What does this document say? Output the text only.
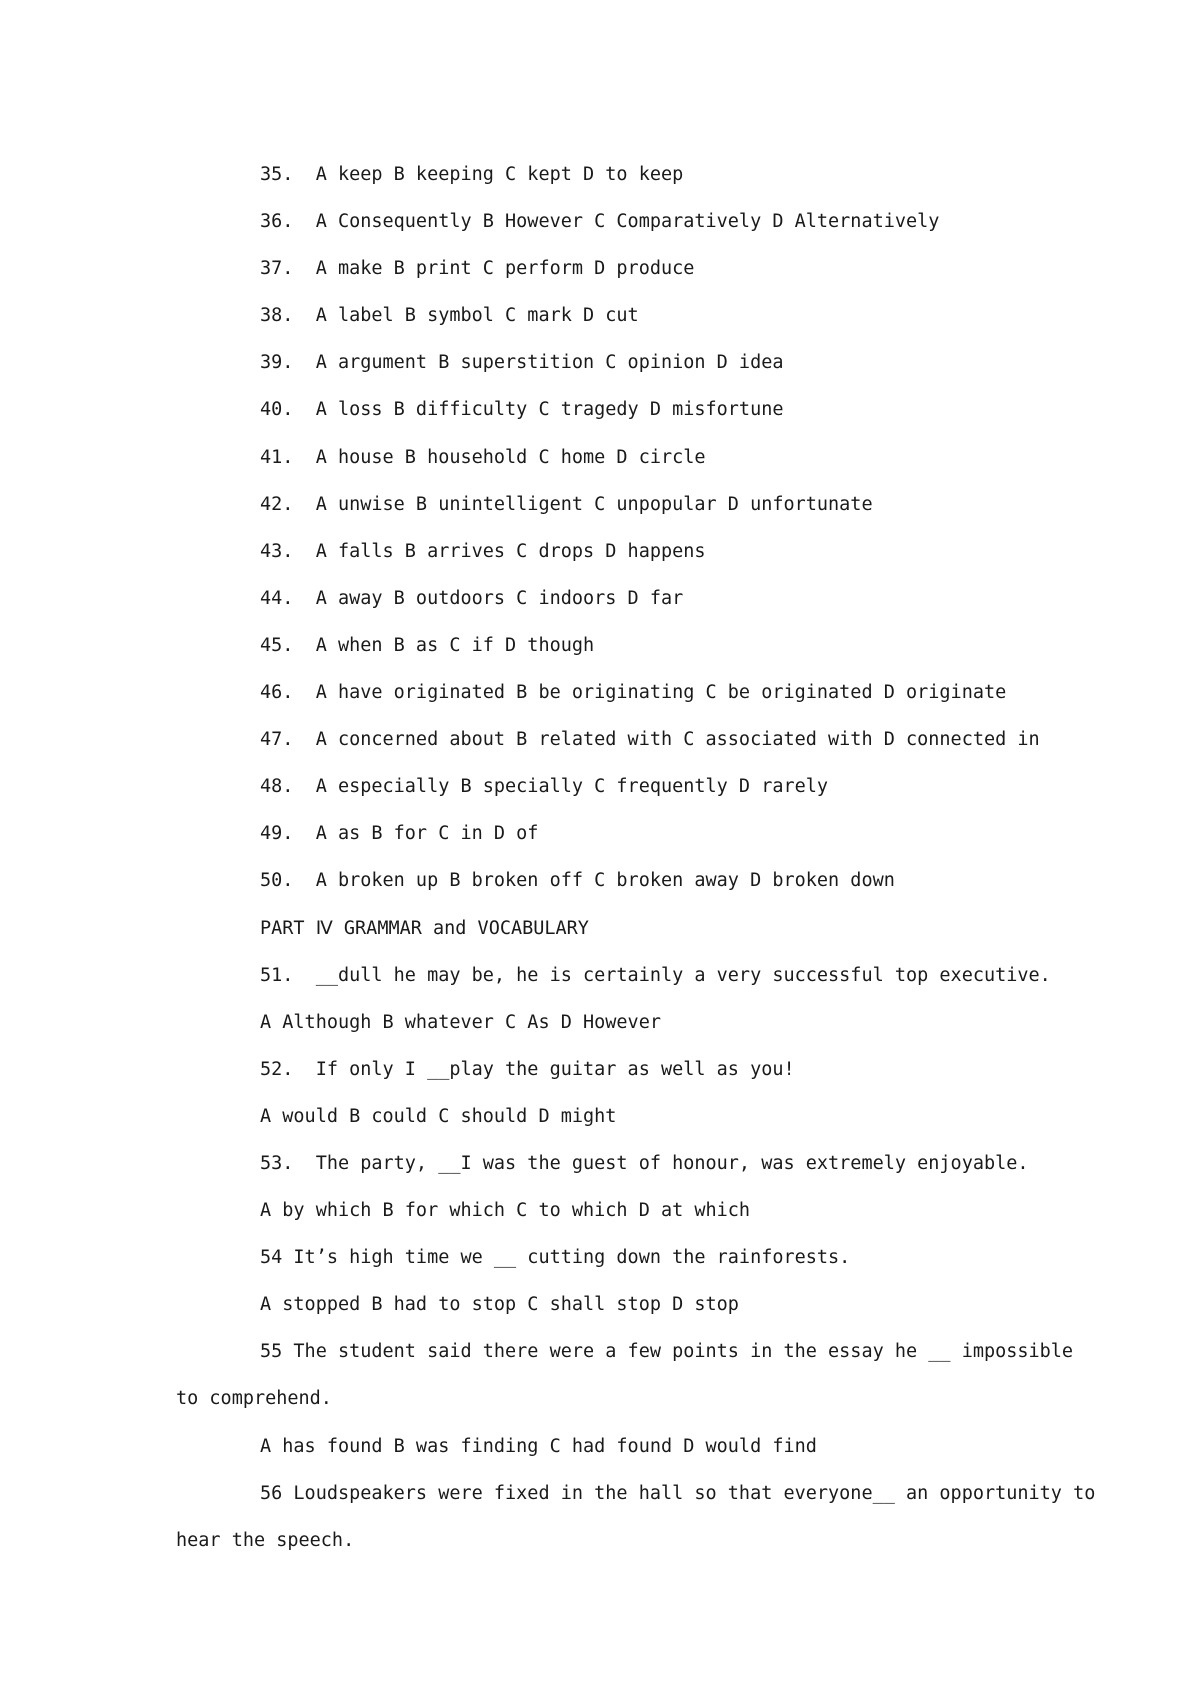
35.  A keep B keeping C kept D to keep
36.  A Consequently B However C Comparatively D Alternatively
37.  A make B print C perform D produce
38.  A label B symbol C mark D cut
39.  A argument B superstition C opinion D idea
40.  A loss B difficulty C tragedy D misfortune
41.  A house B household C home D circle
42.  A unwise B unintelligent C unpopular D unfortunate
43.  A falls B arrives C drops D happens
44.  A away B outdoors C indoors D far
45.  A when B as C if D though
46.  A have originated B be originating C be originated D originate
47.  A concerned about B related with C associated with D connected in
48.  A especially B specially C frequently D rarely
49.  A as B for C in D of
50.  A broken up B broken off C broken away D broken down
PART Ⅳ GRAMMAR and VOCABULARY
51.  __dull he may be, he is certainly a very successful top executive.
A Although B whatever C As D However
52.  If only I __play the guitar as well as you!
A would B could C should D might
53.  The party, __I was the guest of honour, was extremely enjoyable.
A by which B for which C to which D at which
54 It’s high time we __ cutting down the rainforests.
A stopped B had to stop C shall stop D stop
55 The student said there were a few points in the essay he __ impossible
to comprehend.
A has found B was finding C had found D would find
56 Loudspeakers were fixed in the hall so that everyone__ an opportunity to
hear the speech.
